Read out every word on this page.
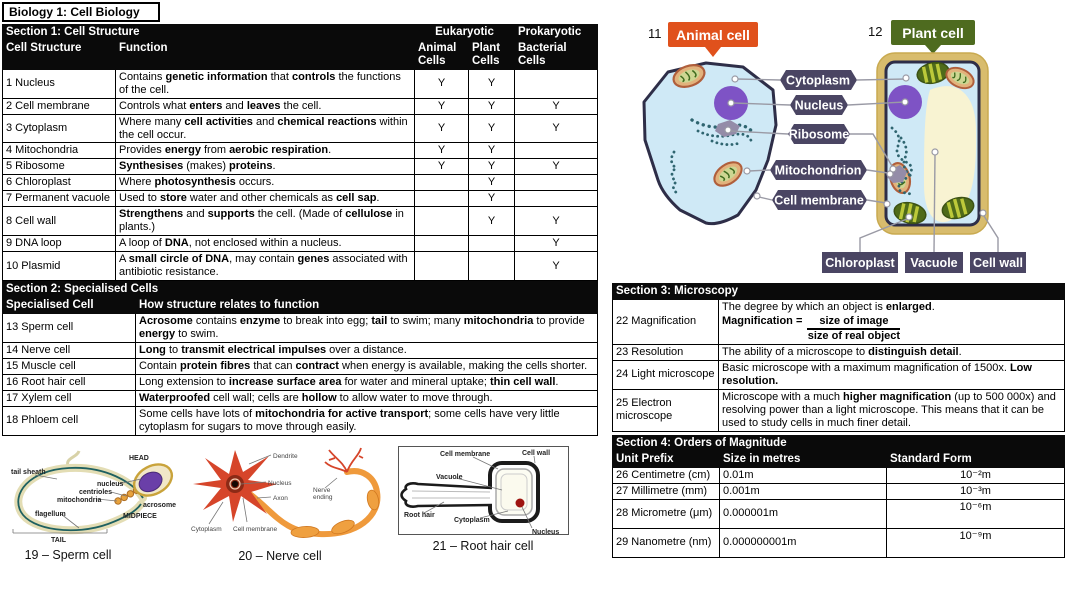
Biology 1: Cell Biology
Section 1: Cell Structure		Eukaryotic		Prokaryotic
Cell Structure	Function	Animal Cells	Plant Cells	Bacterial Cells
1 Nucleus	Contains genetic information that controls the functions of the cell.	Y	Y	
2 Cell membrane	Controls what enters and leaves the cell.	Y	Y	Y
3 Cytoplasm	Where many cell activities and chemical reactions within the cell occur.	Y	Y	Y
4 Mitochondria	Provides energy from aerobic respiration.	Y	Y	
5 Ribosome	Synthesises (makes) proteins.	Y	Y	Y
6 Chloroplast	Where photosynthesis occurs.		Y	
7 Permanent vacuole	Used to store water and other chemicals as cell sap.		Y	
8 Cell wall	Strengthens and supports the cell. (Made of cellulose in plants.)		Y	Y
9 DNA loop	A loop of DNA, not enclosed within a nucleus.			Y
10 Plasmid	A small circle of DNA, may contain genes associated with antibiotic resistance.			Y
Section 2: Specialised Cells	
Specialised Cell	How structure relates to function
13 Sperm cell	Acrosome contains enzyme to break into egg; tail to swim; many mitochondria to provide energy to swim.
14 Nerve cell	Long to transmit electrical impulses over a distance.
15 Muscle cell	Contain protein fibres that can contract when energy is available, making the cells shorter.
16 Root hair cell	Long extension to increase surface area for water and mineral uptake; thin cell wall.
17 Xylem cell	Waterproofed cell wall; cells are hollow to allow water to move through.
18 Phloem cell	Some cells have lots of mitochondria for active transport; some cells have very little cytoplasm for sugars to move through easily.
Section 3: Microscopy	
22 Magnification	The degree by which an object is enlarged.
Magnification = $\frac{\text{size of image}}{\text{size of real object}}$

23 Resolution	The ability of a microscope to distinguish detail.
24 Light microscope	Basic microscope with a maximum magnification of 1500x. Low resolution.
25 Electron microscope	Microscope with a much higher magnification (up to 500 000x) and resolving power than a light microscope. This means that it can be used to study cells in much finer detail.
Section 4: Orders of Magnitude		
Unit Prefix	Size in metres	Standard Form
26 Centimetre (cm)	0.01m	10⁻²m
27 Millimetre (mm)	0.001m	10⁻³m
28 Micrometre (μm)	0.000001m	10⁻⁶m
29 Nanometre (nm)	0.000000001m	10⁻⁹m
11 Animal cell	12 Plant cell
Cytoplasm
Nucleus
Ribosome
Mitochondrion
Cell membrane
Chloroplast Vacuole Cell wall
tail sheath
nucleus
centrioles
mitochondria
flagellum
HEAD
acrosome
MIDPIECE
TAIL
19 – Sperm cell
Dendrite
Nucleus
Axon
Cytoplasm Cell membrane
Nerve
ending
20 – Nerve cell
Cell membrane	Cell wall
Vacuole
Root hair
Cytoplasm
Nucleus
21 – Root hair cell
